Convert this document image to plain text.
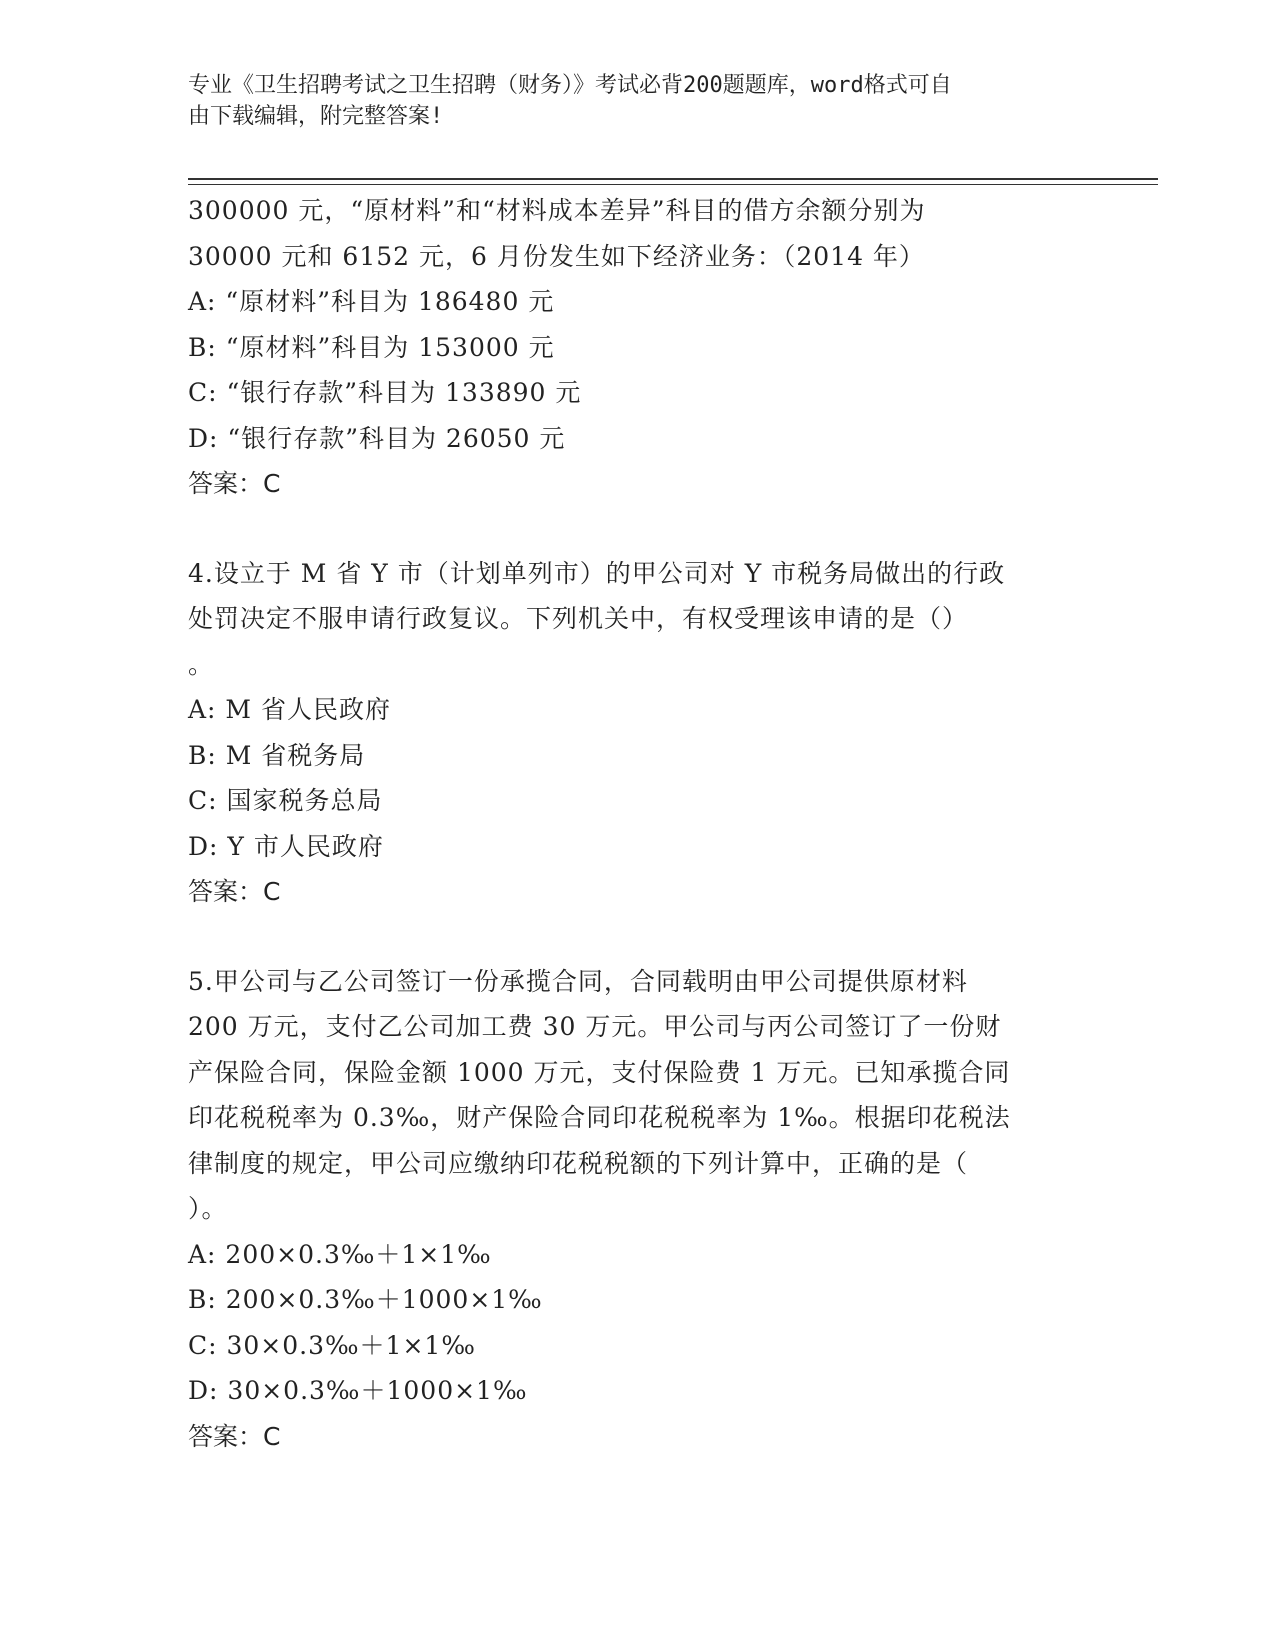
专业《卫生招聘考试之卫生招聘（财务）》考试必背200题题库，word格式可自
由下载编辑，附完整答案!
300000 元，“原材料”和“材料成本差异”科目的借方余额分别为
30000 元和 6152 元，6 月份发生如下经济业务：（2014 年）
A: “原材料”科目为 186480 元
B: “原材料”科目为 153000 元
C: “银行存款”科目为 133890 元
D: “银行存款”科目为 26050 元
答案：C
4.设立于 M 省 Y 市（计划单列市）的甲公司对 Y 市税务局做出的行政
处罚决定不服申请行政复议。下列机关中，有权受理该申请的是（）
。
A: M 省人民政府
B: M 省税务局
C: 国家税务总局
D: Y 市人民政府
答案：C
5.甲公司与乙公司签订一份承揽合同，合同载明由甲公司提供原材料
200 万元，支付乙公司加工费 30 万元。甲公司与丙公司签订了一份财
产保险合同，保险金额 1000 万元，支付保险费 1 万元。已知承揽合同
印花税税率为 0.3‰，财产保险合同印花税税率为 1‰。根据印花税法
律制度的规定，甲公司应缴纳印花税税额的下列计算中，正确的是（
）。
A: 200×0.3‰＋1×1‰
B: 200×0.3‰＋1000×1‰
C: 30×0.3‰＋1×1‰
D: 30×0.3‰＋1000×1‰
答案：C
